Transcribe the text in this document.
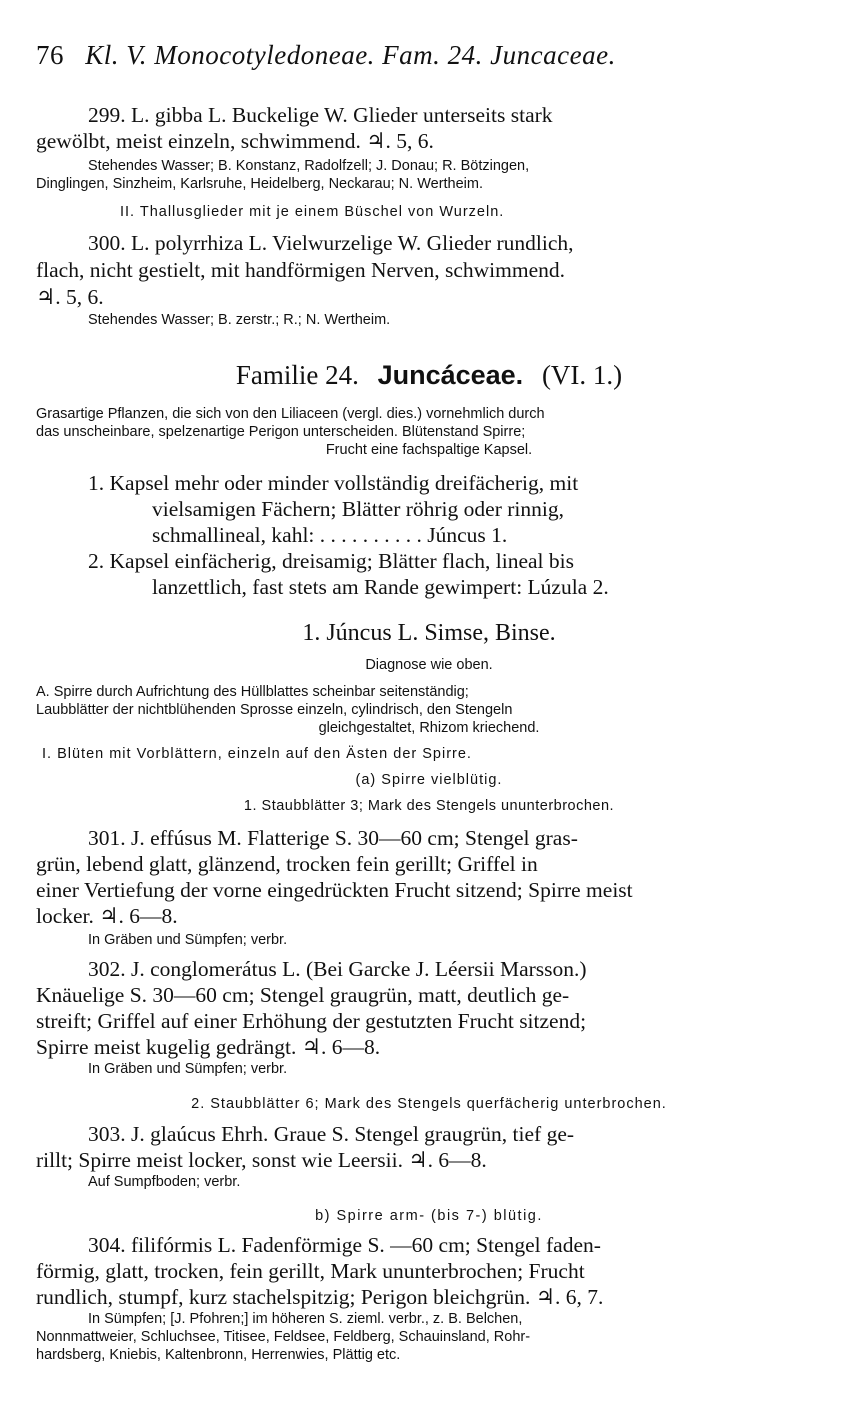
76 Kl. V. Monocotyledoneae. Fam. 24. Juncaceae.
299. L. gibba L. Buckelige W. Glieder unterseits stark
gewölbt, meist einzeln, schwimmend. ♃. 5, 6.
Stehendes Wasser; B. Konstanz, Radolfzell; J. Donau; R. Bötzingen,
Dinglingen, Sinzheim, Karlsruhe, Heidelberg, Neckarau; N. Wertheim.
II. Thallusglieder mit je einem Büschel von Wurzeln.
300. L. polyrrhiza L. Vielwurzelige W. Glieder rundlich,
flach, nicht gestielt, mit handförmigen Nerven, schwimmend.
♃. 5, 6.
Stehendes Wasser; B. zerstr.; R.; N. Wertheim.
Familie 24. Juncáceae. (VI. 1.)
Grasartige Pflanzen, die sich von den Liliaceen (vergl. dies.) vornehmlich durch
das unscheinbare, spelzenartige Perigon unterscheiden. Blütenstand Spirre;
Frucht eine fachspaltige Kapsel.
1. Kapsel mehr oder minder vollständig dreifächerig, mit
vielsamigen Fächern; Blätter röhrig oder rinnig,
schmallineal, kahl: . . . . . . . . . . Júncus 1.
2. Kapsel einfächerig, dreisamig; Blätter flach, lineal bis
lanzettlich, fast stets am Rande gewimpert: Lúzula 2.
1. Júncus L. Simse, Binse.
Diagnose wie oben.
A. Spirre durch Aufrichtung des Hüllblattes scheinbar seitenständig;
Laubblätter der nichtblühenden Sprosse einzeln, cylindrisch, den Stengeln
gleichgestaltet, Rhizom kriechend.
I. Blüten mit Vorblättern, einzeln auf den Ästen der Spirre.
(a) Spirre vielblütig.
1. Staubblätter 3; Mark des Stengels ununterbrochen.
301. J. effúsus M. Flatterige S. 30—60 cm; Stengel gras-
grün, lebend glatt, glänzend, trocken fein gerillt; Griffel in
einer Vertiefung der vorne eingedrückten Frucht sitzend; Spirre meist
locker. ♃. 6—8.
In Gräben und Sümpfen; verbr.
302. J. conglomerátus L. (Bei Garcke J. Léersii Marsson.)
Knäuelige S. 30—60 cm; Stengel graugrün, matt, deutlich ge-
streift; Griffel auf einer Erhöhung der gestutzten Frucht sitzend;
Spirre meist kugelig gedrängt. ♃. 6—8.
In Gräben und Sümpfen; verbr.
2. Staubblätter 6; Mark des Stengels querfächerig unterbrochen.
303. J. glaúcus Ehrh. Graue S. Stengel graugrün, tief ge-
rillt; Spirre meist locker, sonst wie Leersii. ♃. 6—8.
Auf Sumpfboden; verbr.
b) Spirre arm- (bis 7-) blütig.
304. filifórmis L. Fadenförmige S. —60 cm; Stengel faden-
förmig, glatt, trocken, fein gerillt, Mark ununterbrochen; Frucht
rundlich, stumpf, kurz stachelspitzig; Perigon bleichgrün. ♃. 6, 7.
In Sümpfen; [J. Pfohren;] im höheren S. zieml. verbr., z. B. Belchen,
Nonnmattweier, Schluchsee, Titisee, Feldsee, Feldberg, Schauinsland, Rohr-
hardsberg, Kniebis, Kaltenbronn, Herrenwies, Plättig etc.
